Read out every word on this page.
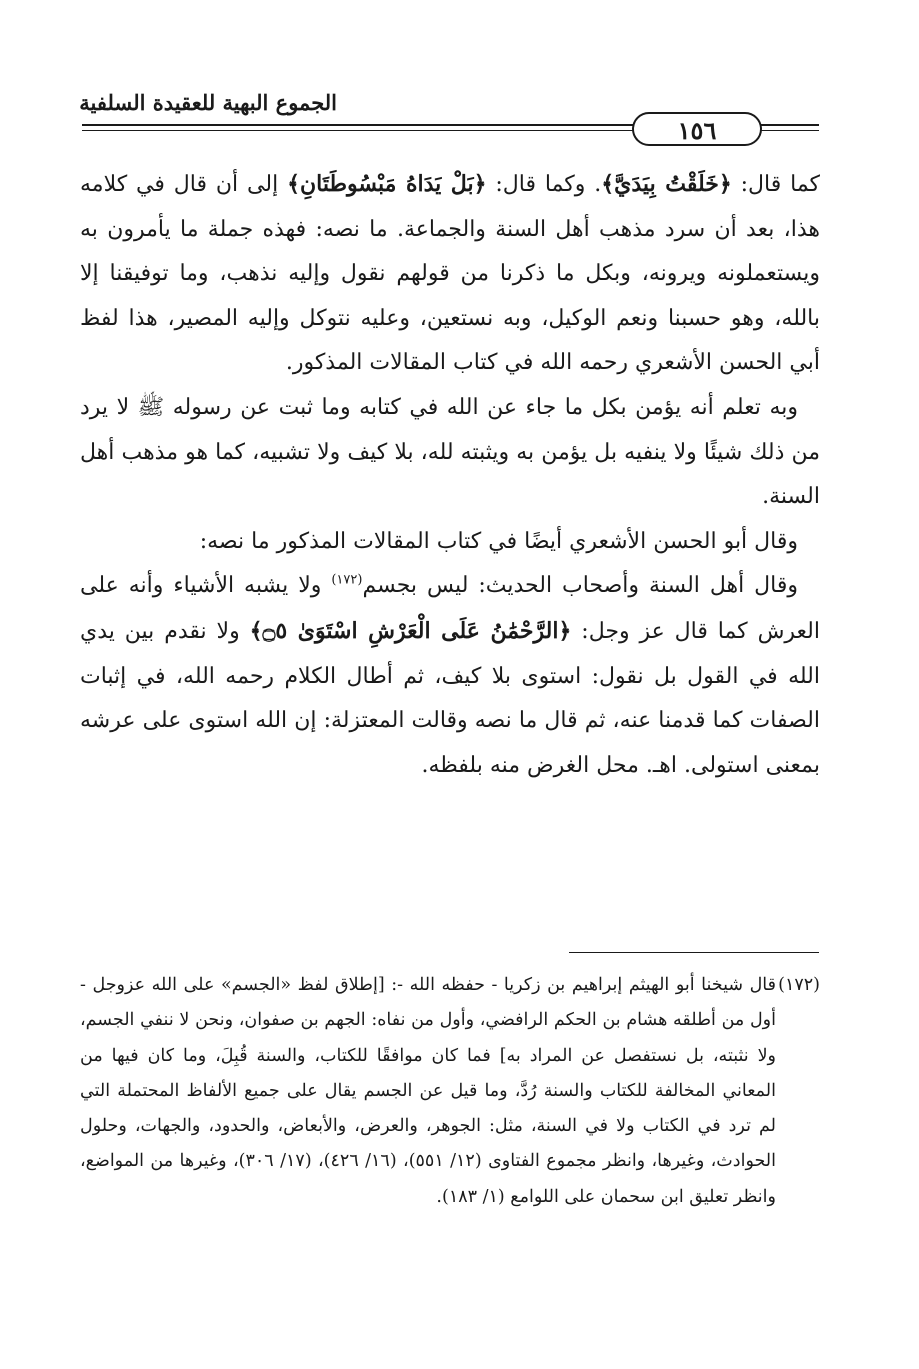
الجموع البهية للعقيدة السلفية
١٥٦

كما قال: ﴿خَلَقْتُ بِيَدَيَّ﴾. وكما قال: ﴿بَلْ يَدَاهُ مَبْسُوطَتَانِ﴾ إلى أن قال في كلامه هذا، بعد أن سرد مذهب أهل السنة والجماعة. ما نصه: فهذه جملة ما يأمرون به ويستعملونه ويرونه، وبكل ما ذكرنا من قولهم نقول وإليه نذهب، وما توفيقنا إلا بالله، وهو حسبنا ونعم الوكيل، وبه نستعين، وعليه نتوكل وإليه المصير، هذا لفظ أبي الحسن الأشعري رحمه الله في كتاب المقالات المذكور.

وبه تعلم أنه يؤمن بكل ما جاء عن الله في كتابه وما ثبت عن رسوله ﷺ لا يرد من ذلك شيئًا ولا ينفيه بل يؤمن به ويثبته لله، بلا كيف ولا تشبيه، كما هو مذهب أهل السنة.

وقال أبو الحسن الأشعري أيضًا في كتاب المقالات المذكور ما نصه:

وقال أهل السنة وأصحاب الحديث: ليس بجسم$^{(١٧٢)}$ ولا يشبه الأشياء وأنه على العرش كما قال عز وجل: ﴿الرَّحْمَٰنُ عَلَى الْعَرْشِ اسْتَوَىٰ ۝٥﴾ ولا نقدم بين يدي الله في القول بل نقول: استوى بلا كيف، ثم أطال الكلام رحمه الله، في إثبات الصفات كما قدمنا عنه، ثم قال ما نصه وقالت المعتزلة: إن الله استوى على عرشه بمعنى استولى. اهـ. محل الغرض منه بلفظه.

(١٧٢)قال شيخنا أبو الهيثم إبراهيم بن زكريا - حفظه الله -: [إطلاق لفظ «الجسم» على الله عزوجل - أول من أطلقه هشام بن الحكم الرافضي، وأول من نفاه: الجهم بن صفوان، ونحن لا ننفي الجسم، ولا نثبته، بل نستفصل عن المراد به] فما كان موافقًا للكتاب، والسنة قُبِلَ، وما كان فيها من المعاني المخالفة للكتاب والسنة رُدَّ، وما قيل عن الجسم يقال على جميع الألفاظ المحتملة التي لم ترد في الكتاب ولا في السنة، مثل: الجوهر، والعرض، والأبعاض، والحدود، والجهات، وحلول الحوادث، وغيرها، وانظر مجموع الفتاوى (١٢/ ٥٥١)، (١٦/ ٤٢٦)، (١٧/ ٣٠٦)، وغيرها من المواضع، وانظر تعليق ابن سحمان على اللوامع (١/ ١٨٣).
